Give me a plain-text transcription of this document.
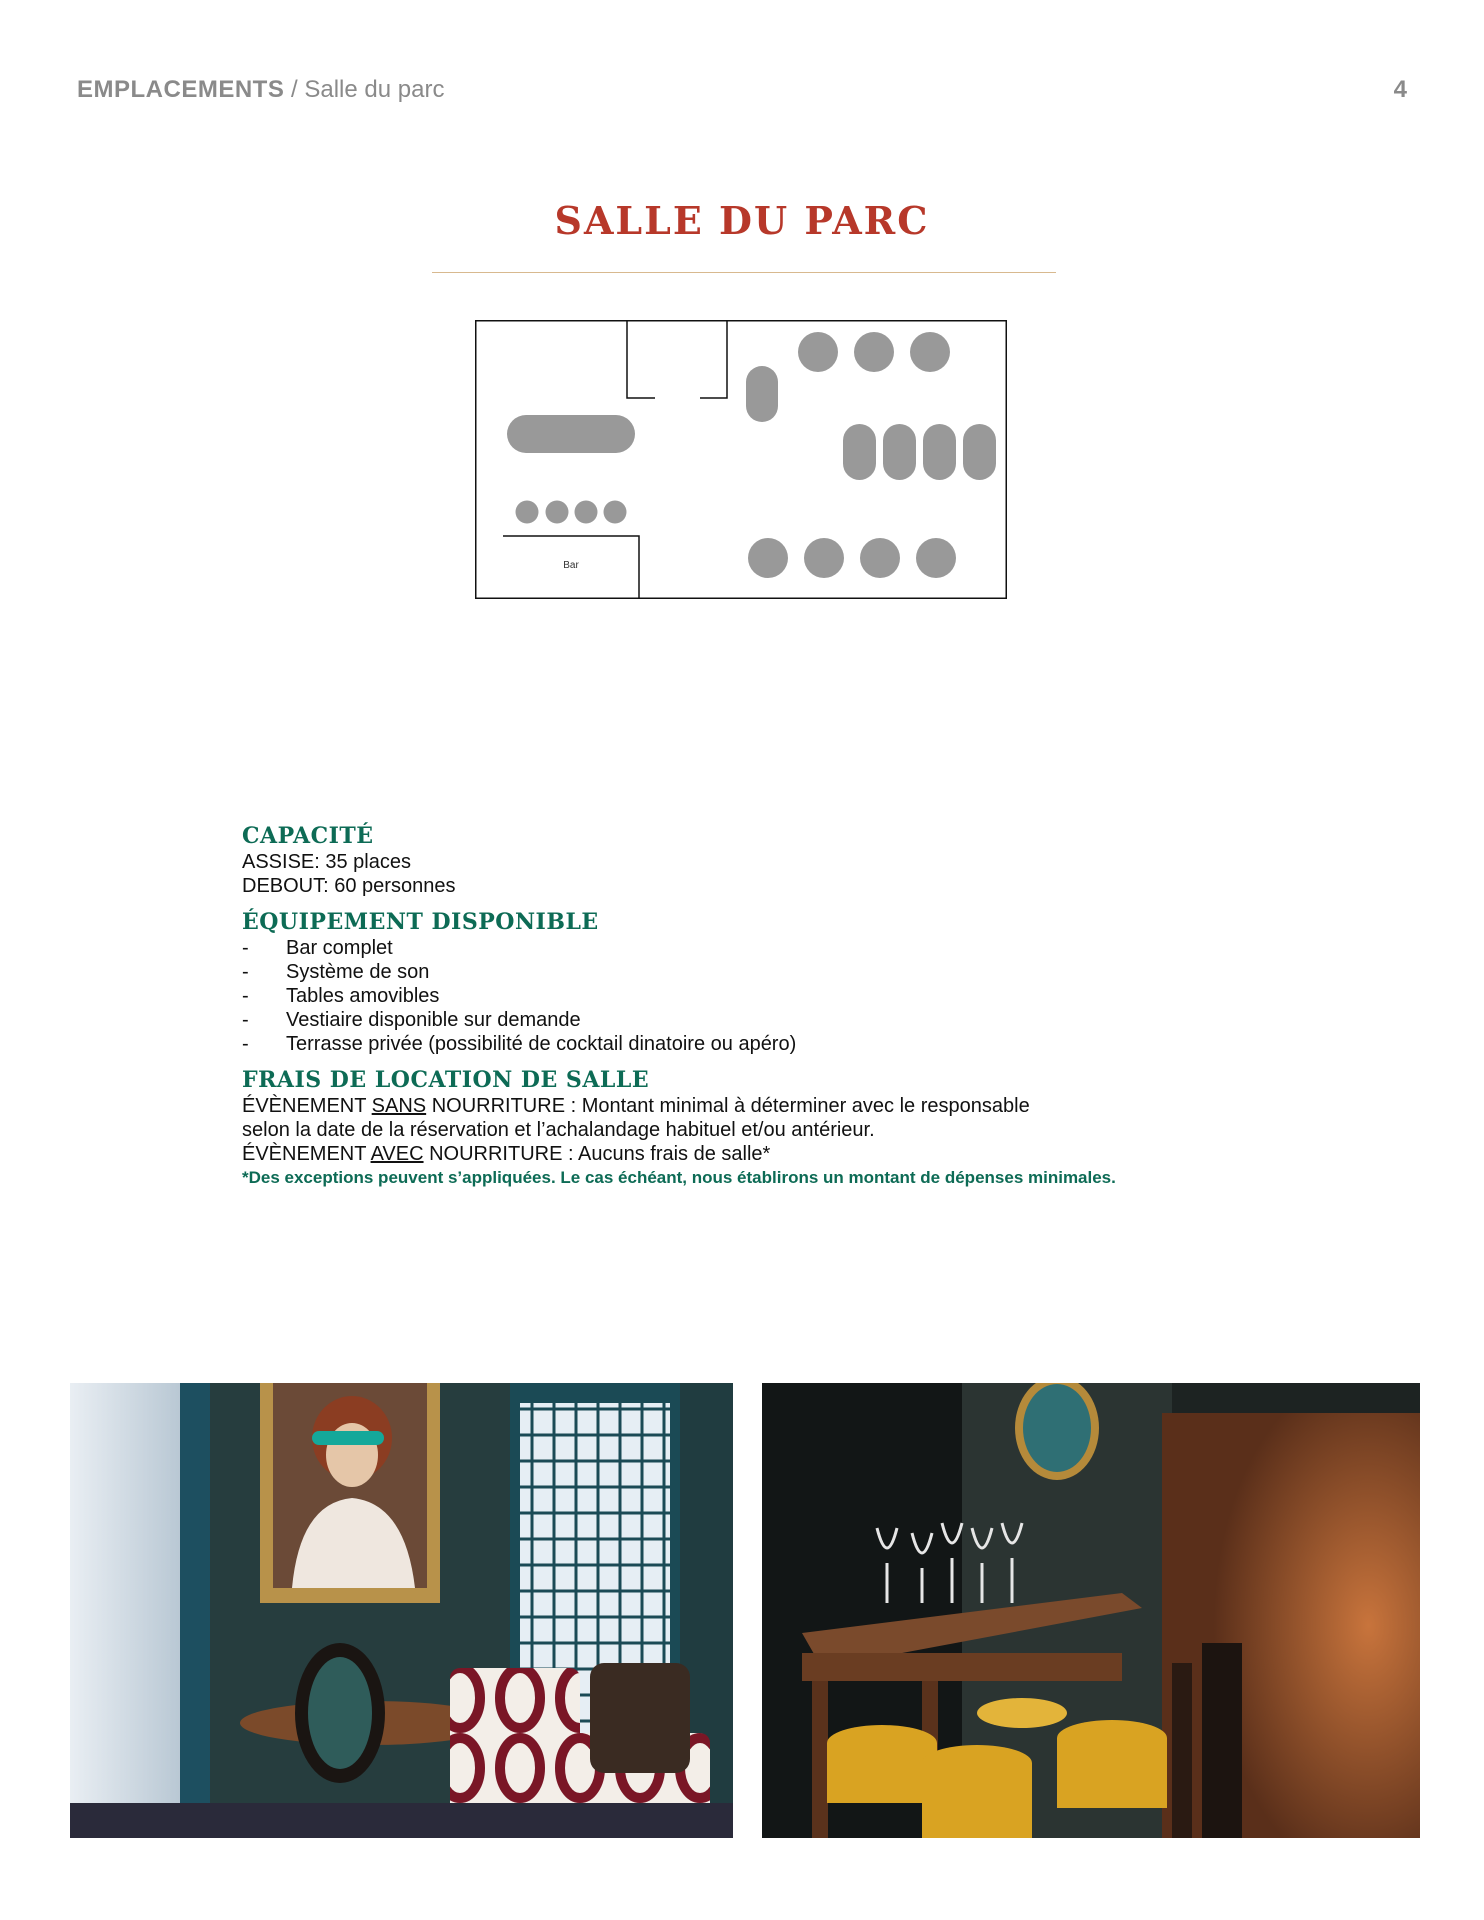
EMPLACEMENTS / Salle du parc	4
SALLE DU PARC
Bar
CAPACITÉ

ASSISE: 35 places

DEBOUT: 60 personnes

ÉQUIPEMENT DISPONIBLE
- Bar complet
- Système de son
- Tables amovibles
- Vestiaire disponible sur demande
- Terrasse privée (possibilité de cocktail dinatoire ou apéro)
FRAIS DE LOCATION DE SALLE

ÉVÈNEMENT SANS NOURRITURE : Montant minimal à déterminer avec le responsable

selon la date de la réservation et l’achalandage habituel et/ou antérieur.

ÉVÈNEMENT AVEC NOURRITURE : Aucuns frais de salle*

*Des exceptions peuvent s’appliquées. Le cas échéant, nous établirons un montant de dépenses minimales.
